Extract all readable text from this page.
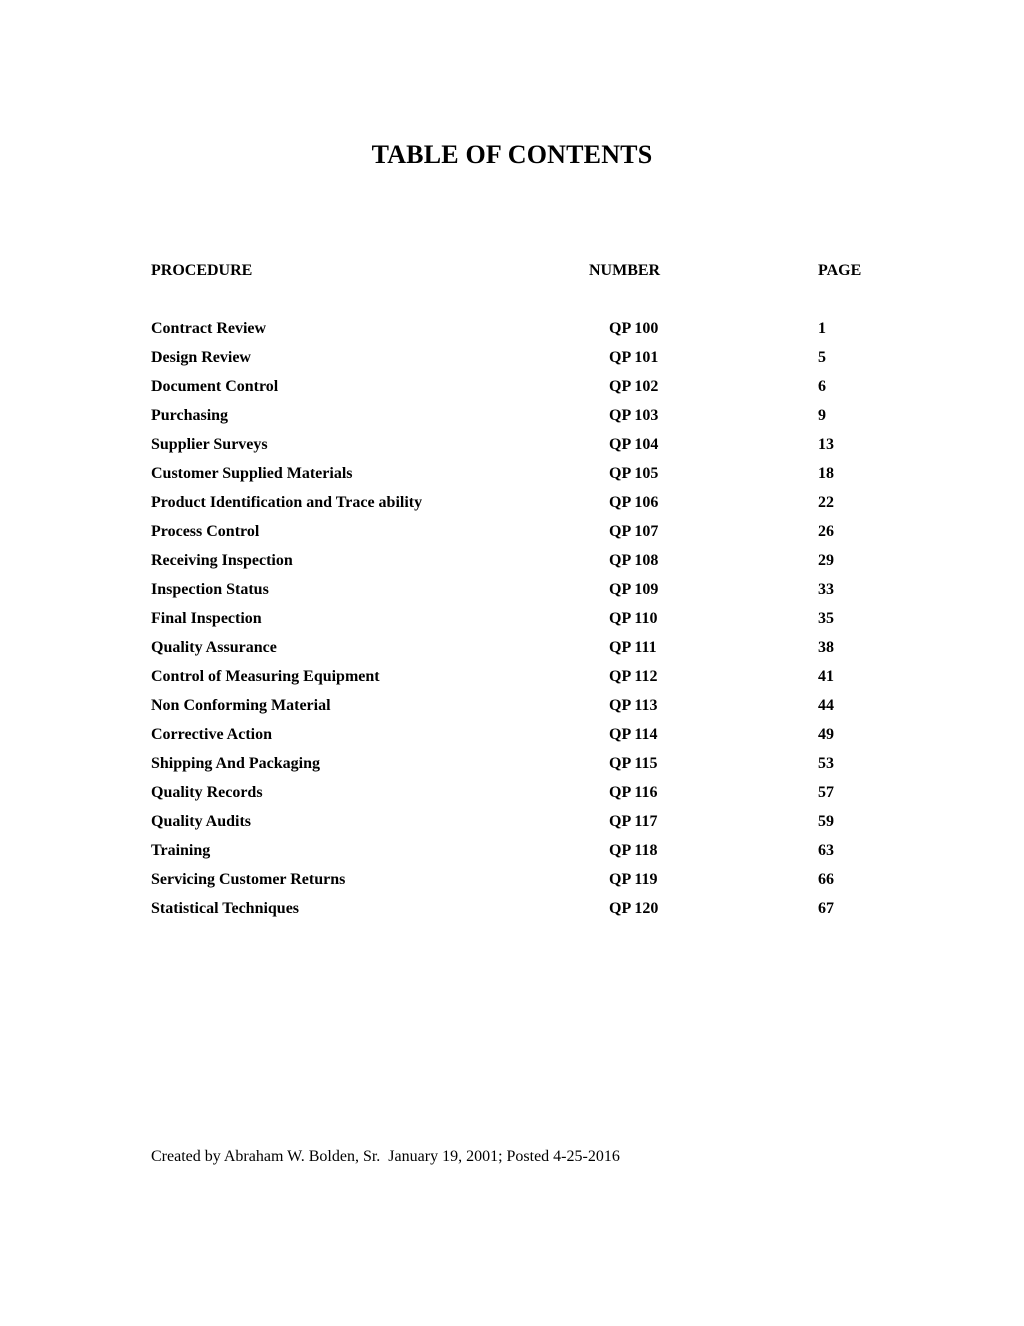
TABLE OF CONTENTS
PROCEDURE	NUMBER	PAGE
Contract Review	QP 100	1
Design Review	QP 101	5
Document Control	QP 102	6
Purchasing	QP 103	9
Supplier Surveys	QP 104	13
Customer Supplied Materials	QP 105	18
Product Identification and Trace ability	QP 106	22
Process Control	QP 107	26
Receiving Inspection	QP 108	29
Inspection Status	QP 109	33
Final Inspection	QP 110	35
Quality Assurance	QP 111	38
Control of Measuring Equipment	QP 112	41
Non Conforming Material	QP 113	44
Corrective Action	QP 114	49
Shipping And Packaging	QP 115	53
Quality Records	QP 116	57
Quality Audits	QP 117	59
Training	QP 118	63
Servicing Customer Returns	QP 119	66
Statistical Techniques	QP 120	67
Created by Abraham W. Bolden, Sr.  January 19, 2001; Posted 4-25-2016
